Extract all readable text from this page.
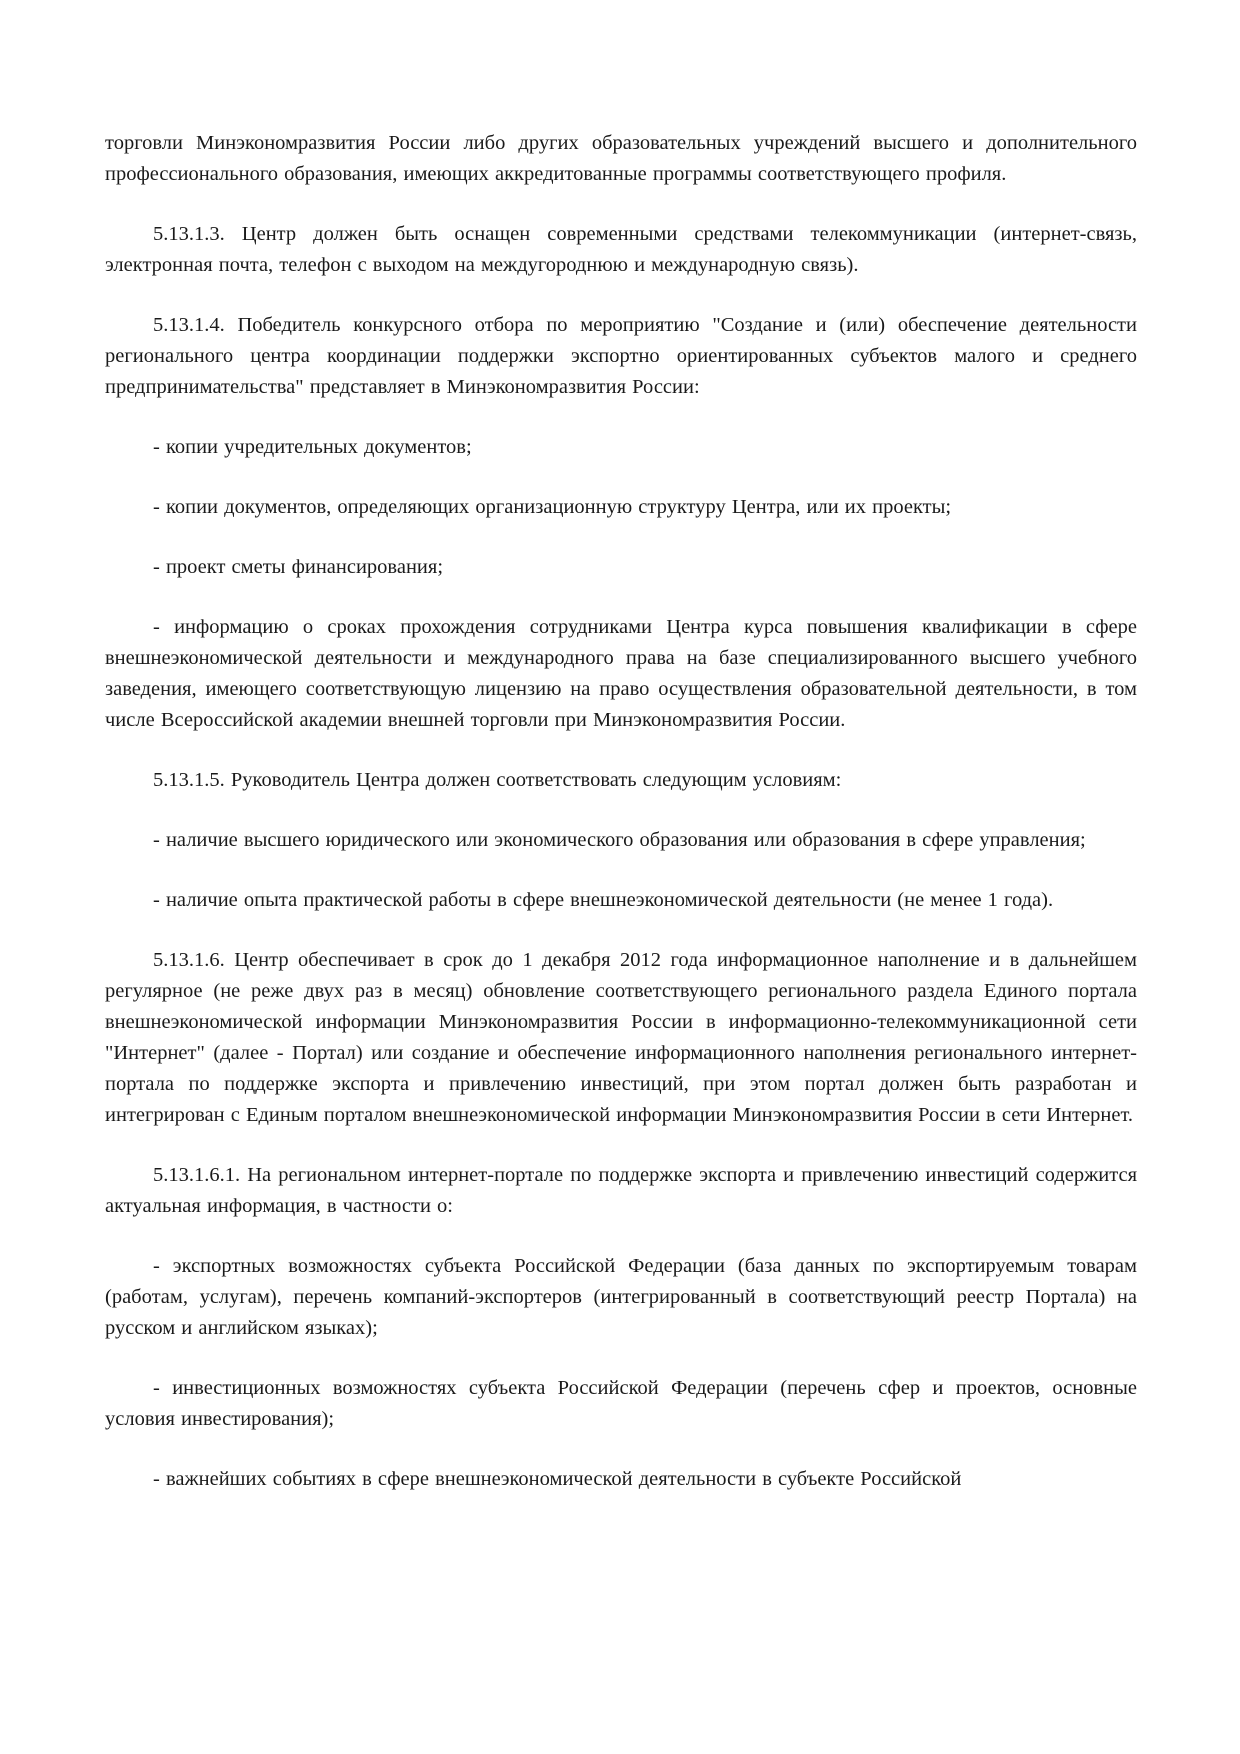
торговли Минэкономразвития России либо других образовательных учреждений высшего и дополнительного профессионального образования, имеющих аккредитованные программы соответствующего профиля.

5.13.1.3. Центр должен быть оснащен современными средствами телекоммуникации (интернет-связь, электронная почта, телефон с выходом на междугороднюю и международную связь).

5.13.1.4. Победитель конкурсного отбора по мероприятию "Создание и (или) обеспечение деятельности регионального центра координации поддержки экспортно ориентированных субъектов малого и среднего предпринимательства" представляет в Минэкономразвития России:

- копии учредительных документов;

- копии документов, определяющих организационную структуру Центра, или их проекты;

- проект сметы финансирования;

- информацию о сроках прохождения сотрудниками Центра курса повышения квалификации в сфере внешнеэкономической деятельности и международного права на базе специализированного высшего учебного заведения, имеющего соответствующую лицензию на право осуществления образовательной деятельности, в том числе Всероссийской академии внешней торговли при Минэкономразвития России.

5.13.1.5. Руководитель Центра должен соответствовать следующим условиям:

- наличие высшего юридического или экономического образования или образования в сфере управления;

- наличие опыта практической работы в сфере внешнеэкономической деятельности (не менее 1 года).

5.13.1.6. Центр обеспечивает в срок до 1 декабря 2012 года информационное наполнение и в дальнейшем регулярное (не реже двух раз в месяц) обновление соответствующего регионального раздела Единого портала внешнеэкономической информации Минэкономразвития России в информационно-телекоммуникационной сети "Интернет" (далее - Портал) или создание и обеспечение информационного наполнения регионального интернет-портала по поддержке экспорта и привлечению инвестиций, при этом портал должен быть разработан и интегрирован с Единым порталом внешнеэкономической информации Минэкономразвития России в сети Интернет.

5.13.1.6.1. На региональном интернет-портале по поддержке экспорта и привлечению инвестиций содержится актуальная информация, в частности о:

- экспортных возможностях субъекта Российской Федерации (база данных по экспортируемым товарам (работам, услугам), перечень компаний-экспортеров (интегрированный в соответствующий реестр Портала) на русском и английском языках);

- инвестиционных возможностях субъекта Российской Федерации (перечень сфер и проектов, основные условия инвестирования);

- важнейших событиях в сфере внешнеэкономической деятельности в субъекте Российской
